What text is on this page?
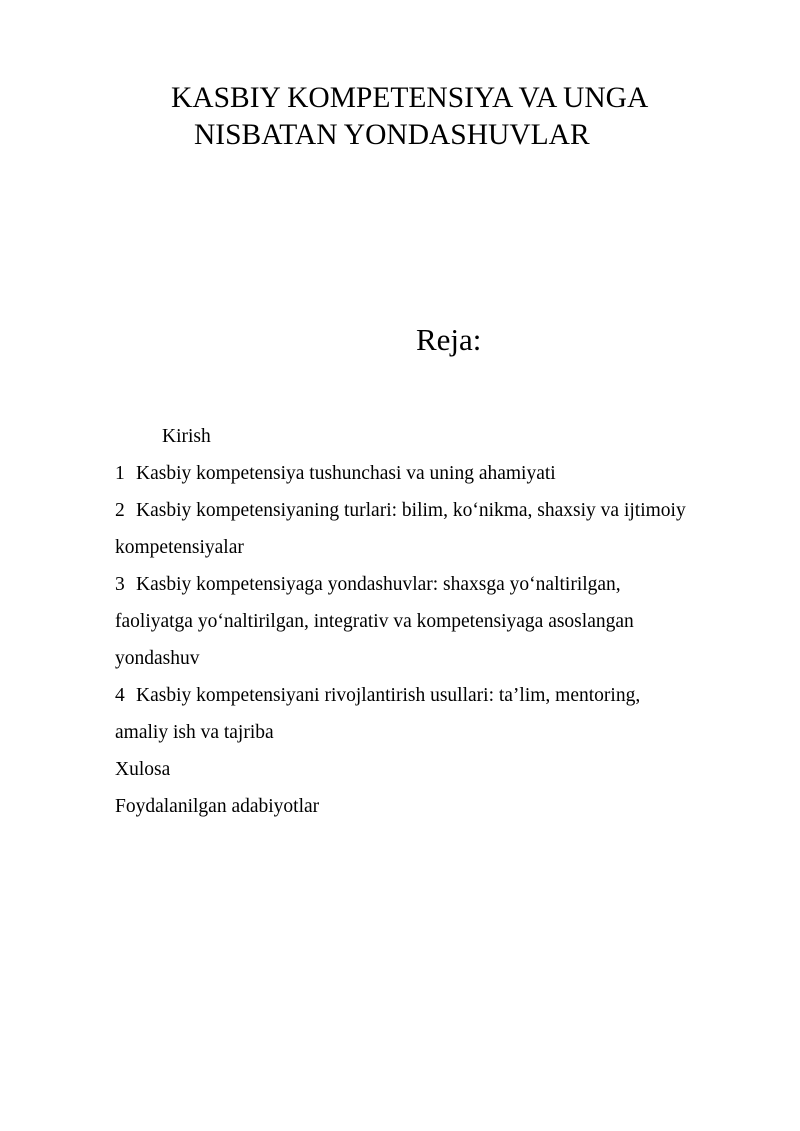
KASBIY KOMPETENSIYA VA UNGA
NISBATAN YONDASHUVLAR
Reja:
Kirish
1 Kasbiy kompetensiya tushunchasi va uning ahamiyati
2 Kasbiy kompetensiyaning turlari: bilim, ko‘nikma, shaxsiy va ijtimoiy
kompetensiyalar
3 Kasbiy kompetensiyaga yondashuvlar: shaxsga yo‘naltirilgan,
faoliyatga yo‘naltirilgan, integrativ va kompetensiyaga asoslangan
yondashuv
4 Kasbiy kompetensiyani rivojlantirish usullari: ta’lim, mentoring,
amaliy ish va tajriba
Xulosa
Foydalanilgan adabiyotlar
